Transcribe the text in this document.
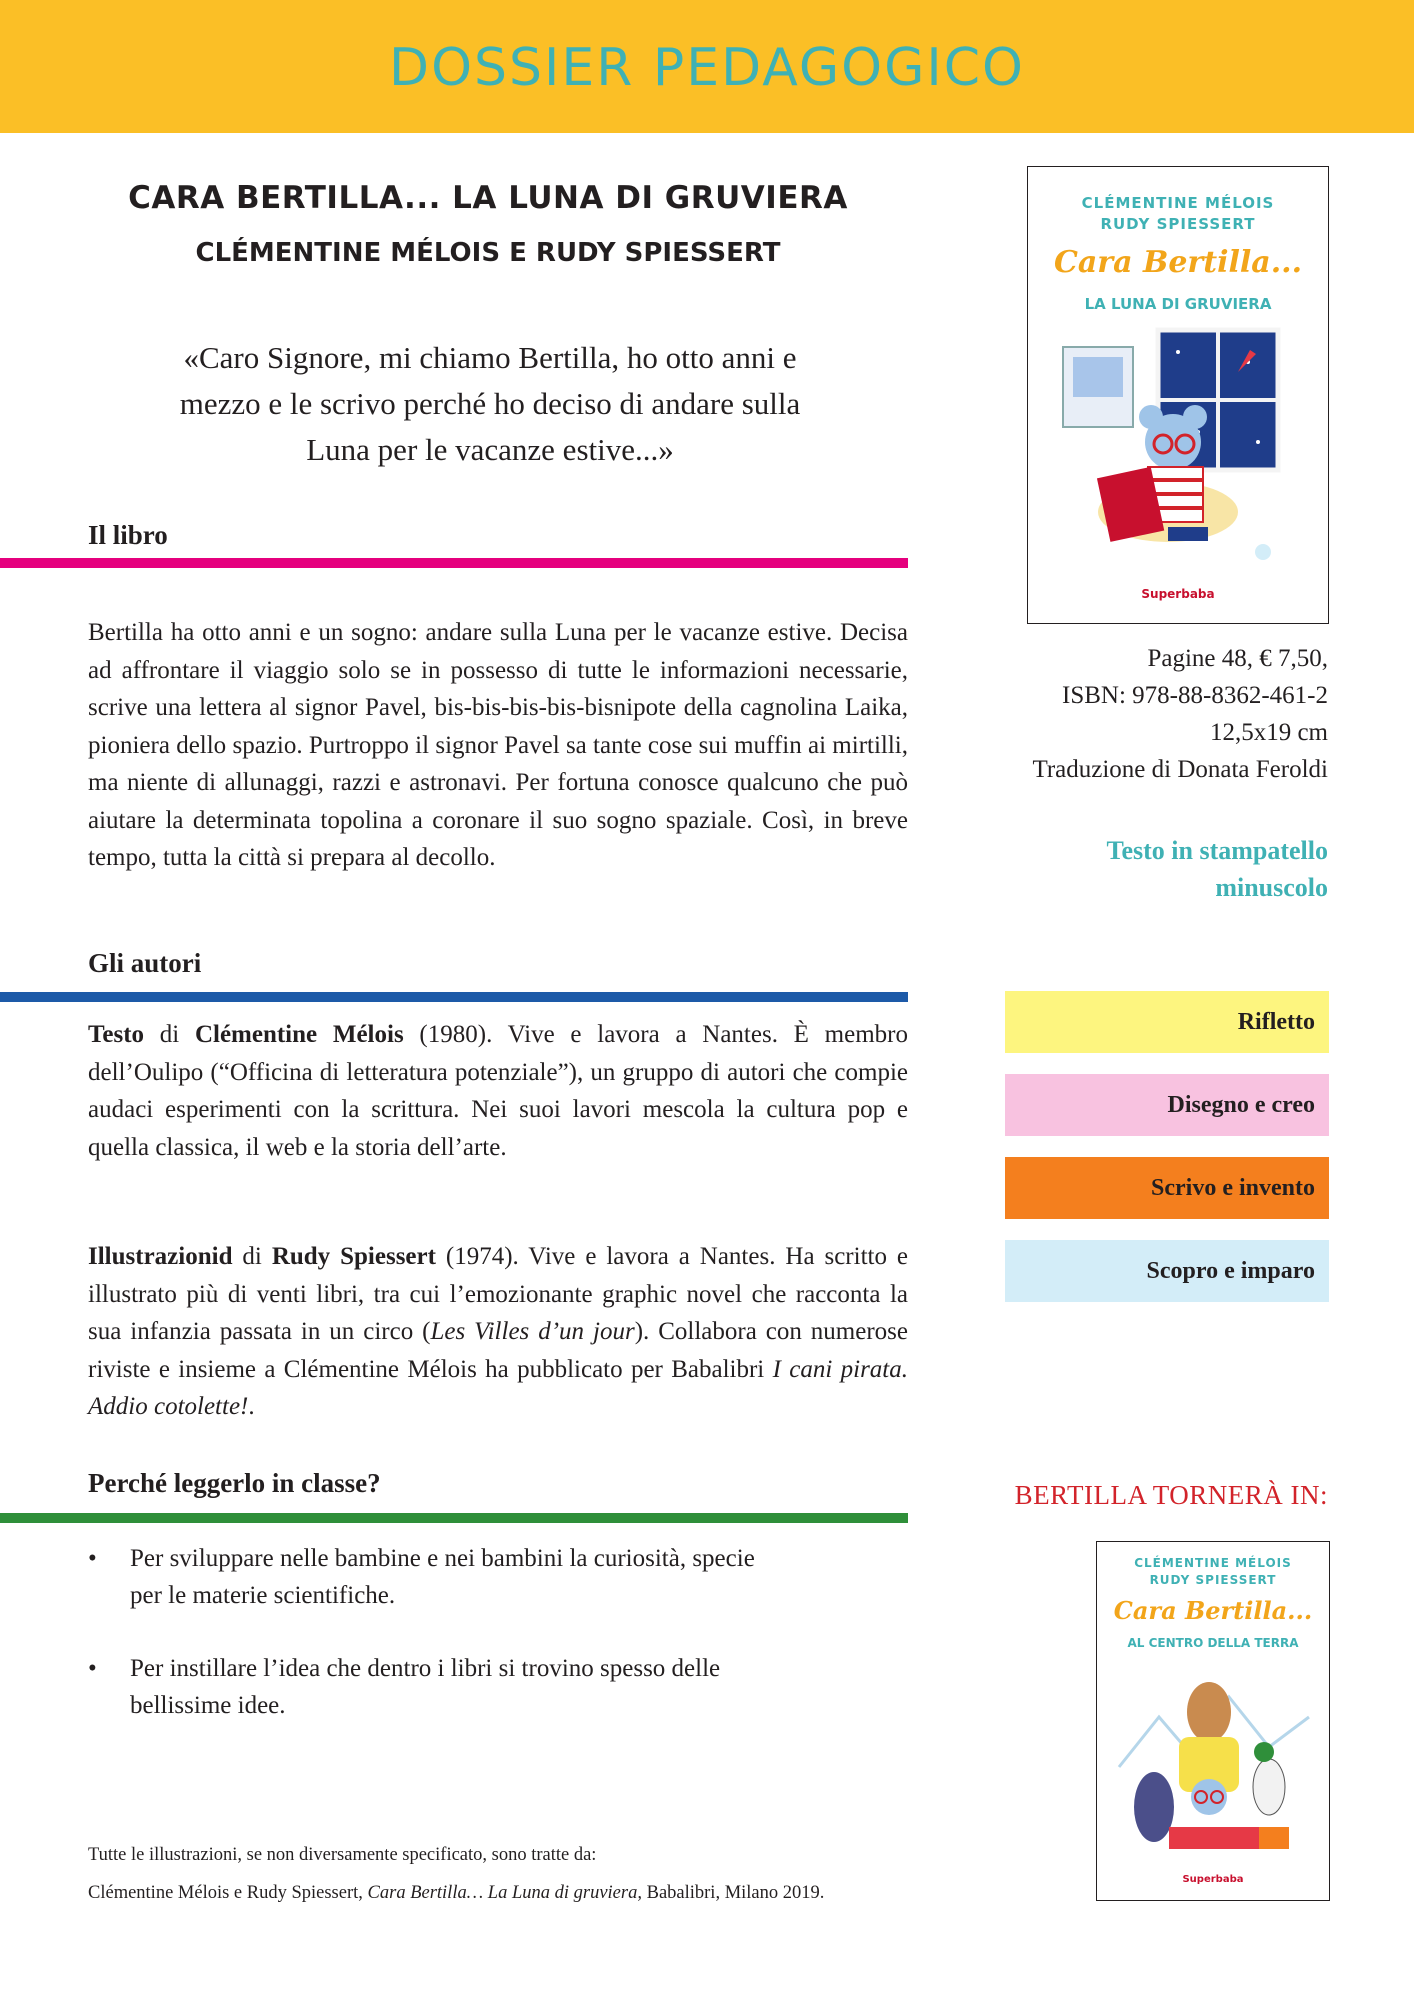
DOSSIER PEDAGOGICO
CARA BERTILLA... LA LUNA DI GRUVIERA
CLÉMENTINE MÉLOIS E RUDY SPIESSERT
«Caro Signore, mi chiamo Bertilla, ho otto anni e
mezzo e le scrivo perché ho deciso di andare sulla
Luna per le vacanze estive...»
Il libro
Bertilla ha otto anni e un sogno: andare sulla Luna per le vacanze estive. Decisa ad affrontare il viaggio solo se in possesso di tutte le informazioni necessarie, scrive una lettera al signor Pavel, bis-bis-bis-bis-bisnipote della cagnolina Laika, pioniera dello spazio. Purtroppo il signor Pavel sa tante cose sui muffin ai mirtilli, ma niente di allunaggi, razzi e astronavi. Per fortuna conosce qualcuno che può aiutare la determinata topolina a coronare il suo sogno spaziale. Così, in breve tempo, tutta la città si prepara al decollo.
Gli autori
Testo di Clémentine Mélois (1980). Vive e lavora a Nantes. È membro dell’Oulipo (“Officina di letteratura potenziale”), un gruppo di autori che compie audaci esperimenti con la scrittura. Nei suoi lavori mescola la cultura pop e quella classica, il web e la storia dell’arte.
Illustrazionid di Rudy Spiessert (1974). Vive e lavora a Nantes. Ha scritto e illustrato più di venti libri, tra cui l’emozionante graphic novel che racconta la sua infanzia passata in un circo (Les Villes d’un jour). Collabora con numerose riviste e insieme a Clémentine Mélois ha pubblicato per Babalibri I cani pirata. Addio cotolette!.
Perché leggerlo in classe?
• Per sviluppare nelle bambine e nei bambini la curiosità, specie
per le materie scientifiche.
• Per instillare l’idea che dentro i libri si trovino spesso delle
bellissime idee.
Tutte le illustrazioni, se non diversamente specificato, sono tratte da:
Clémentine Mélois e Rudy Spiessert, Cara Bertilla… La Luna di gruviera, Babalibri, Milano 2019.
CLÉMENTINE MÉLOIS
RUDY SPIESSERT
Cara Bertilla...
LA LUNA DI GRUVIERA
Superbaba
Pagine 48, € 7,50,
ISBN: 978-88-8362-461-2
12,5x19 cm
Traduzione di Donata Feroldi
Testo in stampatello
minuscolo
Rifletto
Disegno e creo
Scrivo e invento
Scopro e imparo
BERTILLA TORNERÀ IN:
CLÉMENTINE MÉLOIS
RUDY SPIESSERT
Cara Bertilla...
AL CENTRO DELLA TERRA
Superbaba
